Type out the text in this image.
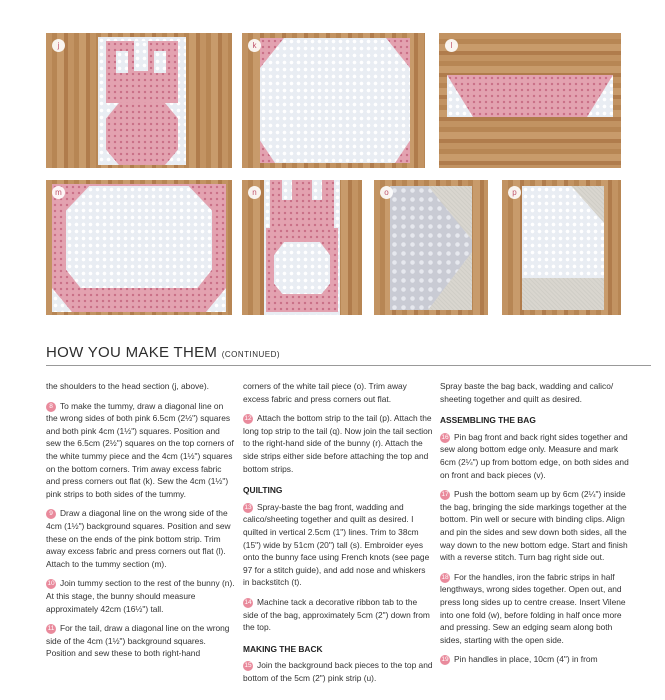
j	k	l
m	n	o	p
HOW YOU MAKE THEM (CONTINUED)

the shoulders to the head section (j, above).

8 To make the tummy, draw a diagonal line on the wrong sides of both pink 6.5cm (2½") squares and both pink 4cm (1½") squares. Position and sew the 6.5cm (2½") squares on the top corners of the white tummy piece and the 4cm (1½") squares on the bottom corners. Trim away excess fabric and press corners out flat (k). Sew the 4cm (1½") pink strips to both sides of the tummy.

9 Draw a diagonal line on the wrong side of the 4cm (1½") background squares. Position and sew these on the ends of the pink bottom strip. Trim away excess fabric and press corners out flat (l). Attach to the tummy section (m).

10 Join tummy section to the rest of the bunny (n). At this stage, the bunny should measure approximately 42cm (16½") tall.

11 For the tail, draw a diagonal line on the wrong side of the 4cm (1½") background squares. Position and sew these to both right-hand

corners of the white tail piece (o). Trim away excess fabric and press corners out flat.

12 Attach the bottom strip to the tail (p). Attach the long top strip to the tail (q). Now join the tail section to the right-hand side of the bunny (r). Attach the side strips either side before attaching the top and bottom strips.

QUILTING

13 Spray-baste the bag front, wadding and calico/sheeting together and quilt as desired. I quilted in vertical 2.5cm (1") lines. Trim to 38cm (15") wide by 51cm (20") tall (s). Embroider eyes onto the bunny face using French knots (see page 97 for a stitch guide), and add nose and whiskers in backstitch (t).

14 Machine tack a decorative ribbon tab to the side of the bag, approximately 5cm (2") down from the top.

MAKING THE BACK

15 Join the background back pieces to the top and bottom of the 5cm (2") pink strip (u).

Spray baste the bag back, wadding and calico/ sheeting together and quilt as desired.

ASSEMBLING THE BAG

16 Pin bag front and back right sides together and sew along bottom edge only. Measure and mark 6cm (2¼") up from bottom edge, on both sides and on front and back pieces (v).

17 Push the bottom seam up by 6cm (2¼") inside the bag, bringing the side markings together at the bottom. Pin well or secure with binding clips. Align and pin the sides and sew down both sides, all the way down to the new bottom edge. Start and finish with a reverse stitch. Turn bag right side out.

18 For the handles, iron the fabric strips in half lengthways, wrong sides together. Open out, and press long sides up to centre crease. Insert Vilene into one fold (w), before folding in half once more and pressing. Sew an edging seam along both sides, starting with the open side.

19 Pin handles in place, 10cm (4") in from
